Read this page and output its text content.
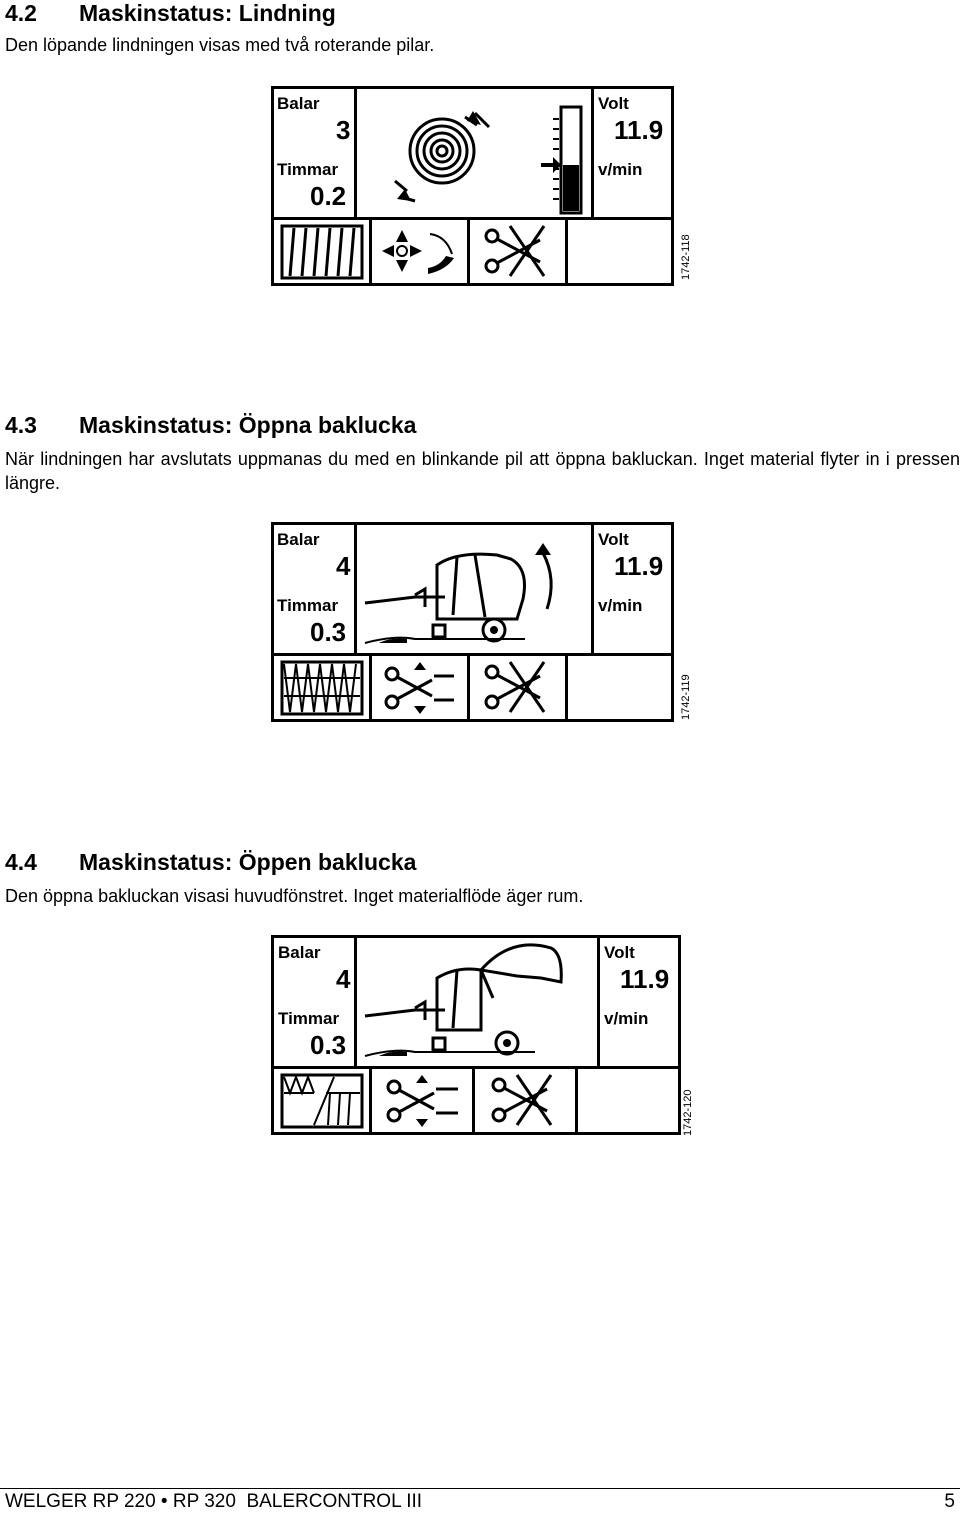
4.2 Maskinstatus: Lindning

Den löpande lindningen visas med två roterande pilar.

Balar
3
Timmar
0.2
Volt
11.9
v/min
1742-118
4.3 Maskinstatus: Öppna baklucka

När lindningen har avslutats uppmanas du med en blinkande pil att öppna bakluckan. Inget material flyter in i pressen längre.

Balar
4
Timmar
0.3
Volt
11.9
v/min
1742-119
4.4 Maskinstatus: Öppen baklucka

Den öppna bakluckan visasi huvudfönstret. Inget materialflöde äger rum.

Balar
4
Timmar
0.3
Volt
11.9
v/min
1742-120
WELGER RP 220 • RP 320  BALERCONTROL III	5
